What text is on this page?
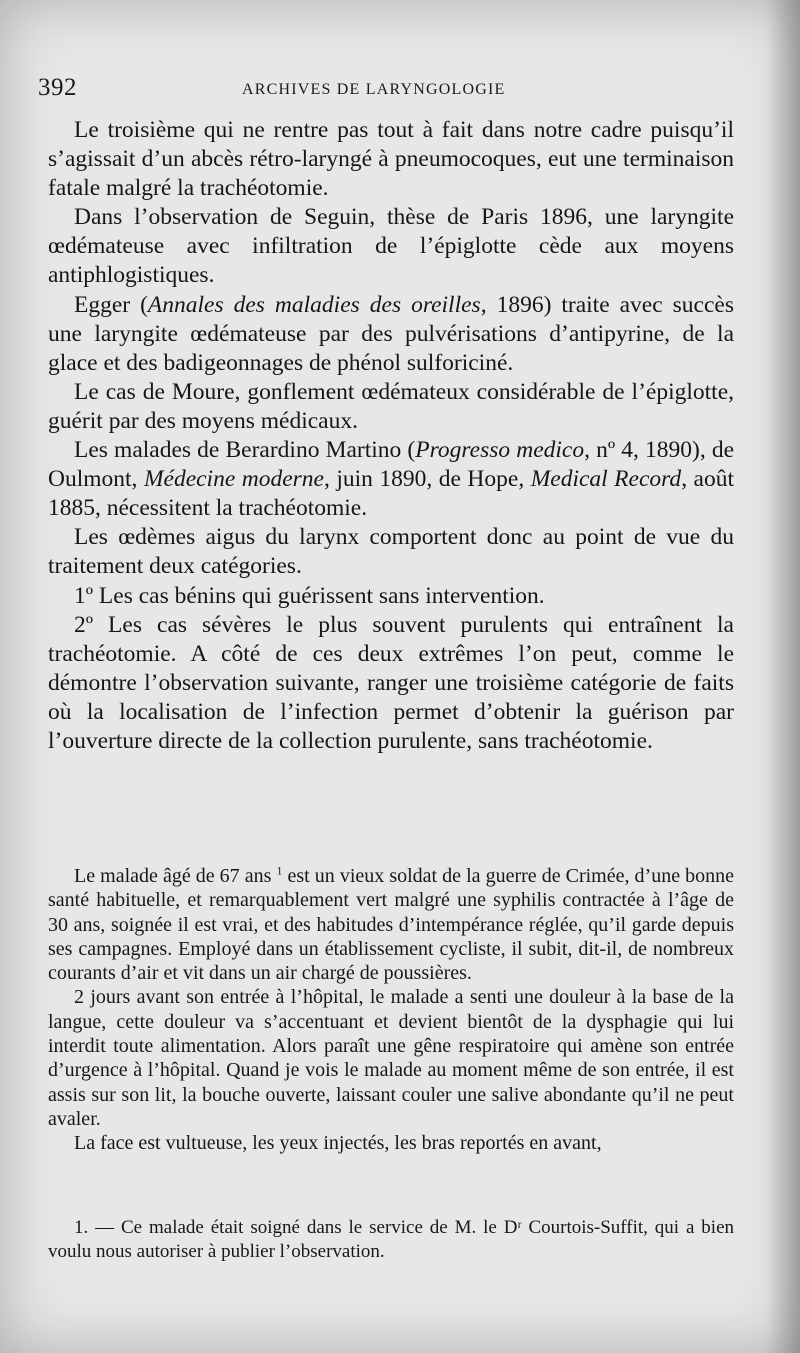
392	ARCHIVES DE LARYNGOLOGIE

Le troisième qui ne rentre pas tout à fait dans notre cadre puisqu’il s’agissait d’un abcès rétro-laryngé à pneumocoques, eut une terminaison fatale malgré la trachéotomie.

Dans l’observation de Seguin, thèse de Paris 1896, une laryngite œdémateuse avec infiltration de l’épiglotte cède aux moyens antiphlogistiques.

Egger (Annales des maladies des oreilles, 1896) traite avec succès une laryngite œdémateuse par des pulvérisations d’antipyrine, de la glace et des badigeonnages de phénol sulforiciné.

Le cas de Moure, gonflement œdémateux considérable de l’épiglotte, guérit par des moyens médicaux.

Les malades de Berardino Martino (Progresso medico, nº 4, 1890), de Oulmont, Médecine moderne, juin 1890, de Hope, Medical Record, août 1885, nécessitent la trachéotomie.

Les œdèmes aigus du larynx comportent donc au point de vue du traitement deux catégories.

1º Les cas bénins qui guérissent sans intervention.

2º Les cas sévères le plus souvent purulents qui entraînent la trachéotomie. A côté de ces deux extrêmes l’on peut, comme le démontre l’observation suivante, ranger une troisième catégorie de faits où la localisation de l’infection permet d’obtenir la guérison par l’ouverture directe de la collection purulente, sans trachéotomie.

Le malade âgé de 67 ans $^1$ est un vieux soldat de la guerre de Crimée, d’une bonne santé habituelle, et remarquablement vert malgré une syphilis contractée à l’âge de 30 ans, soignée il est vrai, et des habitudes d’intempérance réglée, qu’il garde depuis ses campagnes. Employé dans un établissement cycliste, il subit, dit-il, de nombreux courants d’air et vit dans un air chargé de poussières.

2 jours avant son entrée à l’hôpital, le malade a senti une douleur à la base de la langue, cette douleur va s’accentuant et devient bientôt de la dysphagie qui lui interdit toute alimentation. Alors paraît une gêne respiratoire qui amène son entrée d’urgence à l’hôpital. Quand je vois le malade au moment même de son entrée, il est assis sur son lit, la bouche ouverte, laissant couler une salive abondante qu’il ne peut avaler.

La face est vultueuse, les yeux injectés, les bras reportés en avant,

1. — Ce malade était soigné dans le service de M. le Dʳ Courtois-Suffit, qui a bien voulu nous autoriser à publier l’observation.
